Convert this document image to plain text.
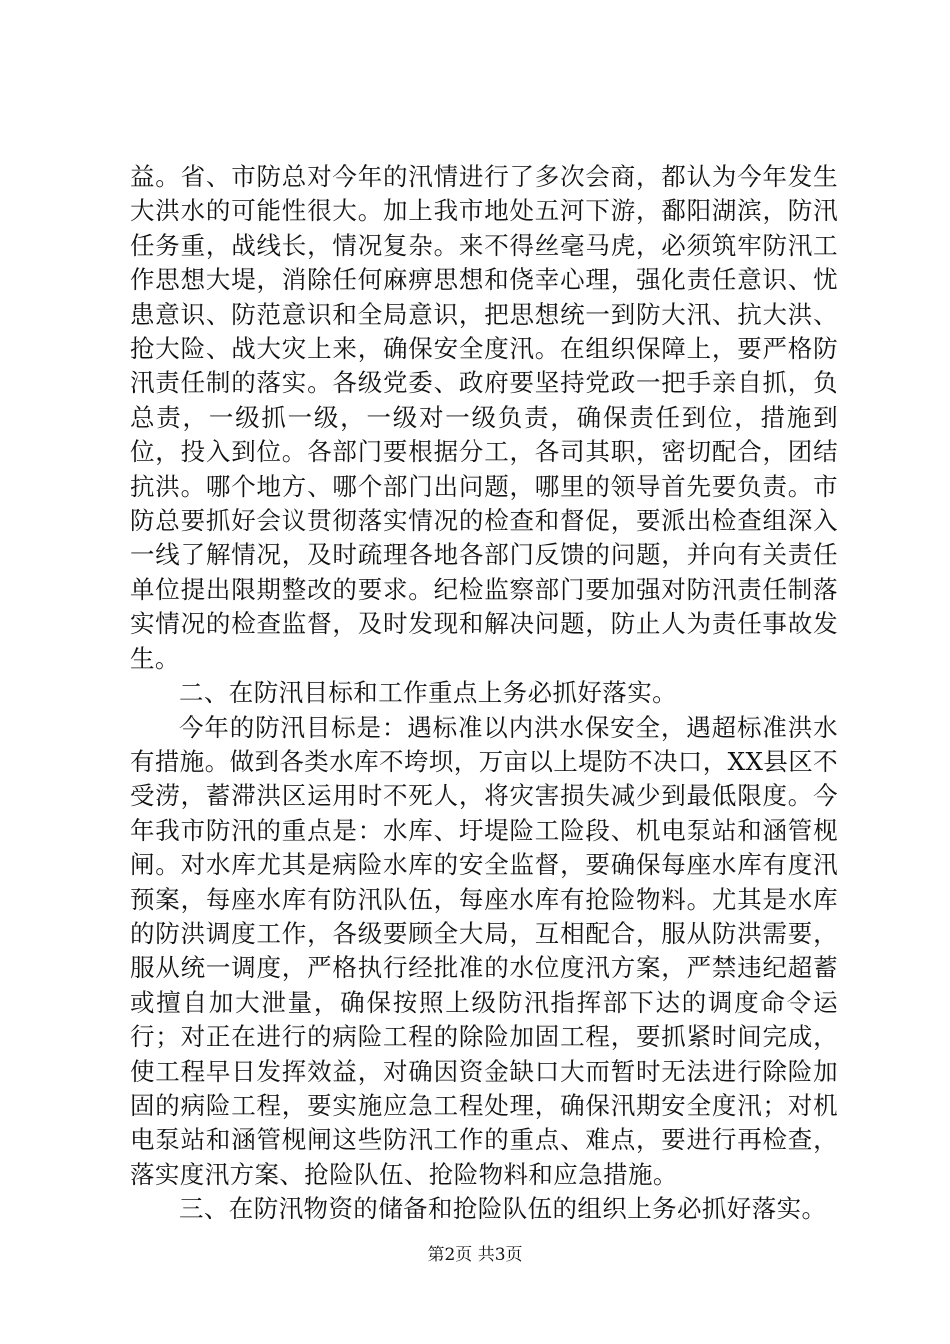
益。省、市防总对今年的汛情进行了多次会商，都认为今年发生大洪水的可能性很大。加上我市地处五河下游，鄱阳湖滨，防汛任务重，战线长，情况复杂。来不得丝毫马虎，必须筑牢防汛工作思想大堤，消除任何麻痹思想和侥幸心理，强化责任意识、忧患意识、防范意识和全局意识，把思想统一到防大汛、抗大洪、抢大险、战大灾上来，确保安全度汛。在组织保障上，要严格防汛责任制的落实。各级党委、政府要坚持党政一把手亲自抓，负总责，一级抓一级，一级对一级负责，确保责任到位，措施到位，投入到位。各部门要根据分工，各司其职，密切配合，团结抗洪。哪个地方、哪个部门出问题，哪里的领导首先要负责。市防总要抓好会议贯彻落实情况的检查和督促，要派出检查组深入一线了解情况，及时疏理各地各部门反馈的问题，并向有关责任单位提出限期整改的要求。纪检监察部门要加强对防汛责任制落实情况的检查监督，及时发现和解决问题，防止人为责任事故发生。

二、在防汛目标和工作重点上务必抓好落实。

今年的防汛目标是：遇标准以内洪水保安全，遇超标准洪水有措施。做到各类水库不垮坝，万亩以上堤防不决口，XX县区不受涝，蓄滞洪区运用时不死人，将灾害损失减少到最低限度。今年我市防汛的重点是：水库、圩堤险工险段、机电泵站和涵管枧闸。对水库尤其是病险水库的安全监督，要确保每座水库有度汛预案，每座水库有防汛队伍，每座水库有抢险物料。尤其是水库的防洪调度工作，各级要顾全大局，互相配合，服从防洪需要，服从统一调度，严格执行经批准的水位度汛方案，严禁违纪超蓄或擅自加大泄量，确保按照上级防汛指挥部下达的调度命令运行；对正在进行的病险工程的除险加固工程，要抓紧时间完成，使工程早日发挥效益，对确因资金缺口大而暂时无法进行除险加固的病险工程，要实施应急工程处理，确保汛期安全度汛；对机电泵站和涵管枧闸这些防汛工作的重点、难点，要进行再检查，落实度汛方案、抢险队伍、抢险物料和应急措施。

三、在防汛物资的储备和抢险队伍的组织上务必抓好落实。

第2页 共3页
